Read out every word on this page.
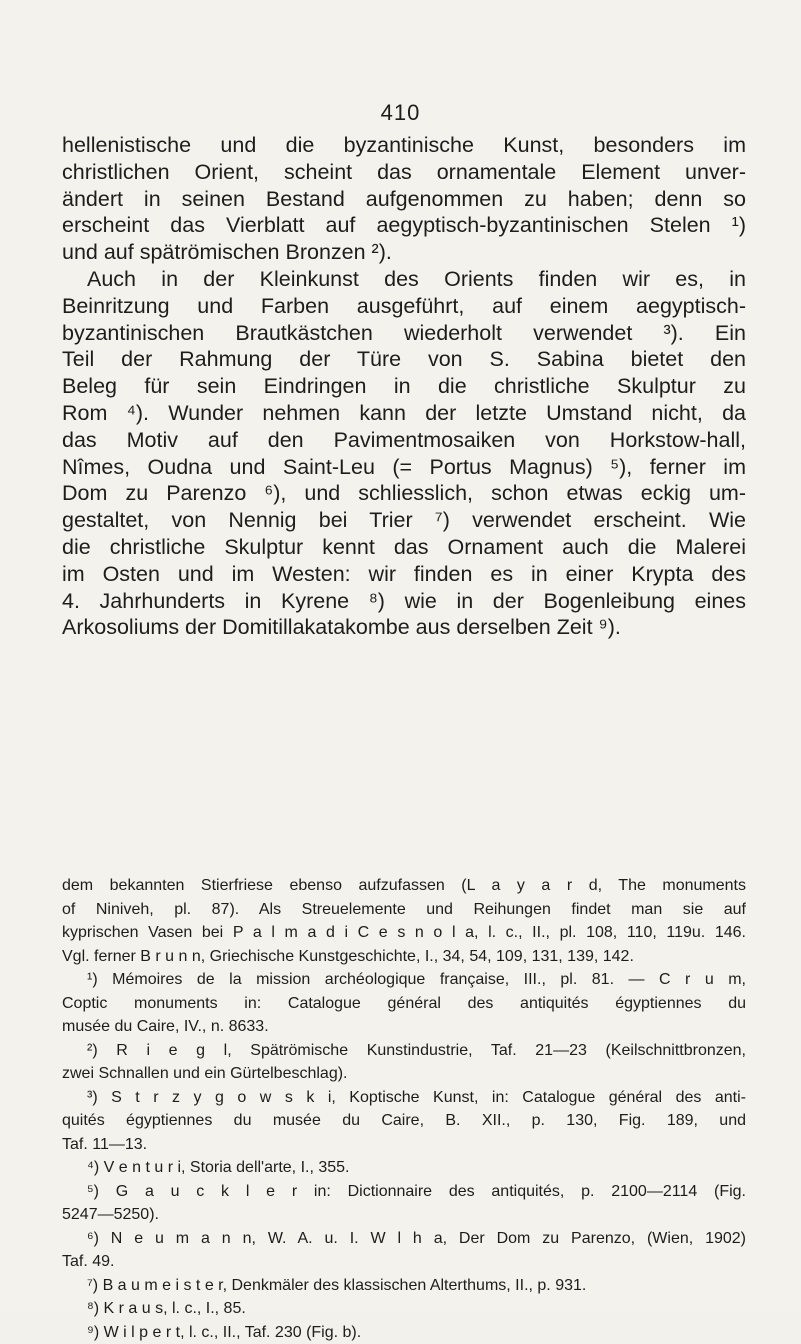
410
hellenistische und die byzantinische Kunst, besonders im
christlichen Orient, scheint das ornamentale Element unver-
ändert in seinen Bestand aufgenommen zu haben; denn so
erscheint das Vierblatt auf aegyptisch-byzantinischen Stelen ¹)
und auf spätrömischen Bronzen ²).
Auch in der Kleinkunst des Orients finden wir es, in
Beinritzung und Farben ausgeführt, auf einem aegyptisch-
byzantinischen Brautkästchen wiederholt verwendet ³). Ein
Teil der Rahmung der Türe von S. Sabina bietet den
Beleg für sein Eindringen in die christliche Skulptur zu
Rom ⁴). Wunder nehmen kann der letzte Umstand nicht, da
das Motiv auf den Pavimentmosaiken von Horkstow-hall,
Nîmes, Oudna und Saint-Leu (= Portus Magnus) ⁵), ferner im
Dom zu Parenzo ⁶), und schliesslich, schon etwas eckig um-
gestaltet, von Nennig bei Trier ⁷) verwendet erscheint. Wie
die christliche Skulptur kennt das Ornament auch die Malerei
im Osten und im Westen: wir finden es in einer Krypta des
4. Jahrhunderts in Kyrene ⁸) wie in der Bogenleibung eines
Arkosoliums der Domitillakatakombe aus derselben Zeit ⁹).
dem bekannten Stierfriese ebenso aufzufassen (L a y a r d, The monuments
of Niniveh, pl. 87). Als Streuelemente und Reihungen findet man sie auf
kyprischen Vasen bei P a l m a d i C e s n o l a, l. c., II., pl. 108, 110, 119u. 146.
Vgl. ferner B r u n n, Griechische Kunstgeschichte, I., 34, 54, 109, 131, 139, 142.
¹) Mémoires de la mission archéologique française, III., pl. 81. — C r u m,
Coptic monuments in: Catalogue général des antiquités égyptiennes du
musée du Caire, IV., n. 8633.
²) R i e g l, Spätrömische Kunstindustrie, Taf. 21—23 (Keilschnittbronzen,
zwei Schnallen und ein Gürtelbeschlag).
³) S t r z y g o w s k i, Koptische Kunst, in: Catalogue général des anti-
quités égyptiennes du musée du Caire, B. XII., p. 130, Fig. 189, und
Taf. 11—13.
⁴) V e n t u r i, Storia dell'arte, I., 355.
⁵) G a u c k l e r in: Dictionnaire des antiquités, p. 2100—2114 (Fig.
5247—5250).
⁶) N e u m a n n, W. A. u. I. W l h a, Der Dom zu Parenzo, (Wien, 1902)
Taf. 49.
⁷) B a u m e i s t e r, Denkmäler des klassischen Alterthums, II., p. 931.
⁸) K r a u s, l. c., I., 85.
⁹) W i l p e r t, l. c., II., Taf. 230 (Fig. b).
